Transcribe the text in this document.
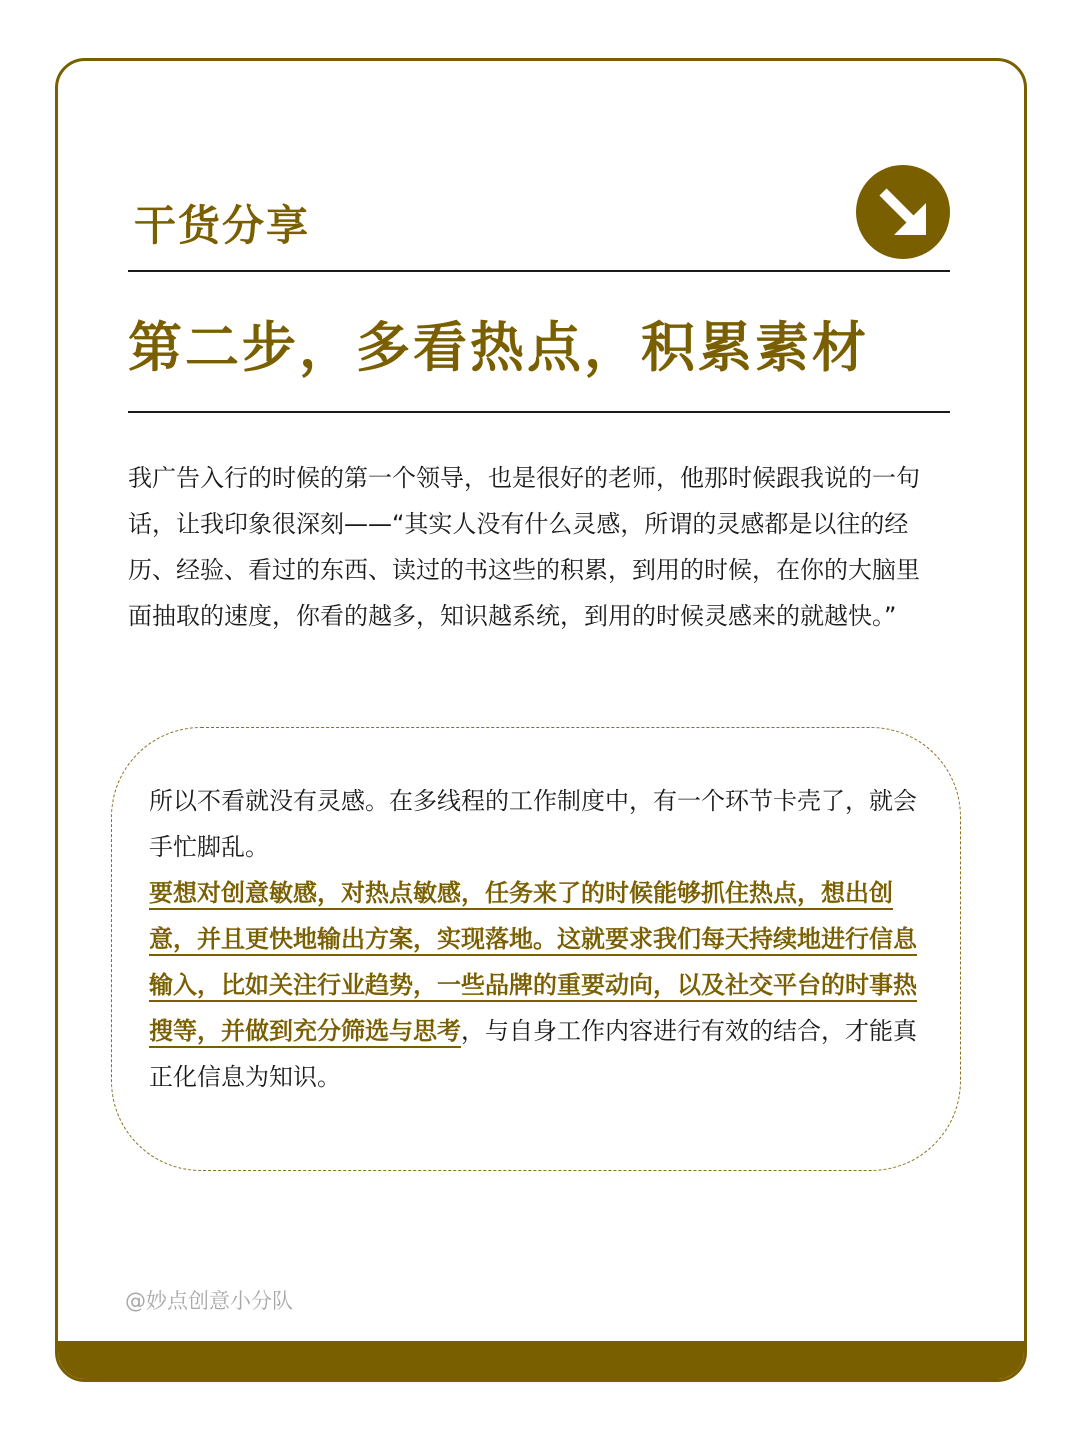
干货分享
第二步，多看热点，积累素材

我广告入行的时候的第一个领导，也是很好的老师，他那时候跟我说的一句话，让我印象很深刻——“其实人没有什么灵感，所谓的灵感都是以往的经历、经验、看过的东西、读过的书这些的积累，到用的时候，在你的大脑里面抽取的速度，你看的越多，知识越系统，到用的时候灵感来的就越快。”

所以不看就没有灵感。在多线程的工作制度中，有一个环节卡壳了，就会手忙脚乱。
要想对创意敏感，对热点敏感，任务来了的时候能够抓住热点，想出创意，并且更快地输出方案，实现落地。这就要求我们每天持续地进行信息输入，比如关注行业趋势，一些品牌的重要动向，以及社交平台的时事热搜等，并做到充分筛选与思考，与自身工作内容进行有效的结合，才能真正化信息为知识。

@妙点创意小分队
